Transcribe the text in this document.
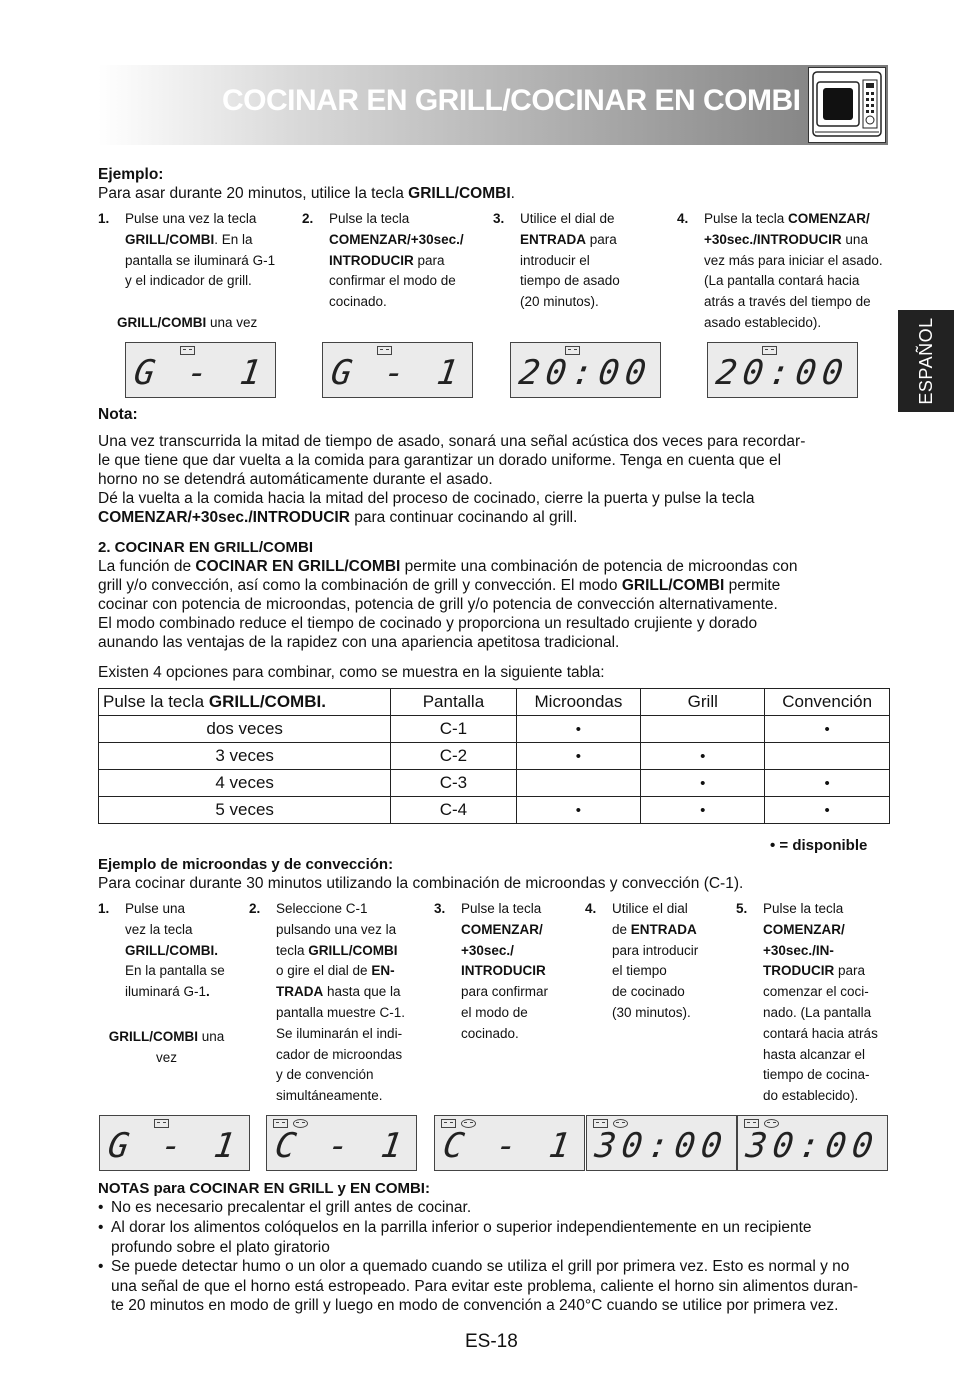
COCINAR EN GRILL/COCINAR EN COMBI
ESPAÑOL
Ejemplo:
Para asar durante 20 minutos, utilice la tecla GRILL/COMBI.
1. Pulse una vez la tecla
GRILL/COMBI. En la
pantalla se iluminará G-1
y el indicador de grill.
GRILL/COMBI una vez
2. Pulse la tecla
COMENZAR/+30sec./
INTRODUCIR para
confirmar el modo de
cocinado.
3. Utilice el dial de
ENTRADA para
introducir el
tiempo de asado
(20 minutos).
4. Pulse la tecla COMENZAR/
+30sec./INTRODUCIR una
vez más para iniciar el asado.
(La pantalla contará hacia
atrás a través del tiempo de
asado establecido).
G - 1 G - 1 20:00 20:00
Nota:
Una vez transcurrida la mitad de tiempo de asado, sonará una señal acústica dos veces para recordar-
le que tiene que dar vuelta a la comida para garantizar un dorado uniforme. Tenga en cuenta que el
horno no se detendrá automáticamente durante el asado.
Dé la vuelta a la comida hacia la mitad del proceso de cocinado, cierre la puerta y pulse la tecla
COMENZAR/+30sec./INTRODUCIR para continuar cocinando al grill.
2. COCINAR EN GRILL/COMBI
La función de COCINAR EN GRILL/COMBI permite una combinación de potencia de microondas con
grill y/o convección, así como la combinación de grill y convección. El modo GRILL/COMBI permite
cocinar con potencia de microondas, potencia de grill y/o potencia de convección alternativamente.
El modo combinado reduce el tiempo de cocinado y proporciona un resultado crujiente y dorado
aunando las ventajas de la rapidez con una apariencia apetitosa tradicional.
Existen 4 opciones para combinar, como se muestra en la siguiente tabla:
Pulse la tecla GRILL/COMBI.	Pantalla	Microondas	Grill	Convención
dos veces	C-1	•		•
3 veces	C-2	•	•	
4 veces	C-3		•	•
5 veces	C-4	•	•	•
• = disponible
Ejemplo de microondas y de convección:
Para cocinar durante 30 minutos utilizando la combinación de microondas y convección (C-1).
1. Pulse una
vez la tecla
GRILL/COMBI.
En la pantalla se
iluminará G-1.
GRILL/COMBI una
vez
2. Seleccione C-1
pulsando una vez la
tecla GRILL/COMBI
o gire el dial de EN-
TRADA hasta que la
pantalla muestre C-1.
Se iluminarán el indi-
cador de microondas
y de convención
simultáneamente.
3. Pulse la tecla
COMENZAR/
+30sec./
INTRODUCIR
para confirmar
el modo de
cocinado.
4. Utilice el dial
de ENTRADA
para introducir
el tiempo
de cocinado
(30 minutos).
5. Pulse la tecla
COMENZAR/
+30sec./IN-
TRODUCIR para
comenzar el coci-
nado. (La pantalla
contará hacia atrás
hasta alcanzar el
tiempo de cocina-
do establecido).
G - 1 C - 1 C - 1 30:00 30:00
NOTAS para COCINAR EN GRILL y EN COMBI:
• No es necesario precalentar el grill antes de cocinar.
• Al dorar los alimentos colóquelos en la parrilla inferior o superior independientemente en un recipiente
profundo sobre el plato giratorio
• Se puede detectar humo o un olor a quemado cuando se utiliza el grill por primera vez. Esto es normal y no
una señal de que el horno está estropeado. Para evitar este problema, caliente el horno sin alimentos duran-
te 20 minutos en modo de grill y luego en modo de convención a 240°C cuando se utilice por primera vez.
ES-18
